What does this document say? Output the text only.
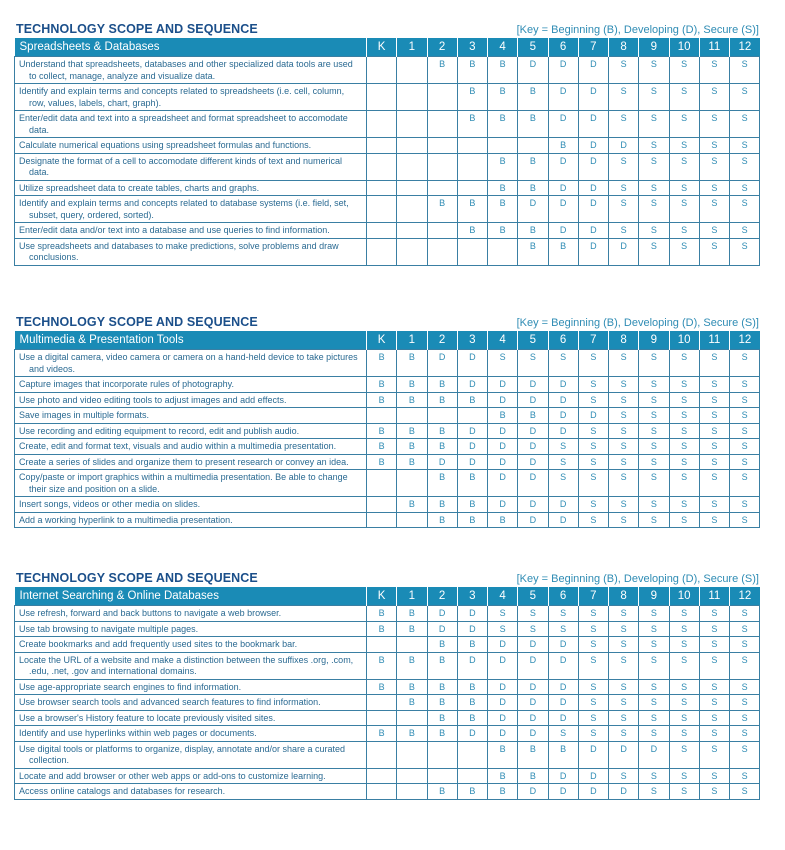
TECHNOLOGY SCOPE AND SEQUENCE	[Key = Beginning (B), Developing (D), Secure (S)]
Spreadsheets & Databases	K	1	2	3	4	5	6	7	8	9	10	11	12

Understand that spreadsheets, databases and other specialized data tools are used to collect, manage, analyze and visualize data.			B	B	B	D	D	D	S	S	S	S	S

Identify and explain terms and concepts related to spreadsheets (i.e. cell, column, row, values, labels, chart, graph).				B	B	B	D	D	S	S	S	S	S

Enter/edit data and text into a spreadsheet and format spreadsheet to accomodate data.				B	B	B	D	D	S	S	S	S	S

Calculate numerical equations using spreadsheet formulas and functions.							B	D	D	S	S	S	S

Designate the format of a cell to accomodate different kinds of text and numerical data.					B	B	D	D	S	S	S	S	S

Utilize spreadsheet data to create tables, charts and graphs.					B	B	D	D	S	S	S	S	S

Identify and explain terms and concepts related to database systems (i.e. field, set, subset, query, ordered, sorted).			B	B	B	D	D	D	S	S	S	S	S

Enter/edit data and/or text into a database and use queries to find information.				B	B	B	D	D	S	S	S	S	S

Use spreadsheets and databases to make predictions, solve problems and draw conclusions.						B	B	D	D	S	S	S	S
TECHNOLOGY SCOPE AND SEQUENCE	[Key = Beginning (B), Developing (D), Secure (S)]
Multimedia & Presentation Tools	K	1	2	3	4	5	6	7	8	9	10	11	12

Use a digital camera, video camera or camera on a hand-held device to take pictures and videos.	B	B	D	D	S	S	S	S	S	S	S	S	S

Capture images that incorporate rules of photography.	B	B	B	D	D	D	D	S	S	S	S	S	S

Use photo and video editing tools to adjust images and add effects.	B	B	B	B	D	D	D	S	S	S	S	S	S

Save images in multiple formats.					B	B	D	D	S	S	S	S	S

Use recording and editing equipment to record, edit and publish audio.	B	B	B	D	D	D	D	S	S	S	S	S	S

Create, edit and format text, visuals and audio within a multimedia presentation.	B	B	B	D	D	D	S	S	S	S	S	S	S

Create a series of slides and organize them to present research or convey an idea.	B	B	D	D	D	D	S	S	S	S	S	S	S

Copy/paste or import graphics within a multimedia presentation. Be able to change their size and position on a slide.			B	B	D	D	S	S	S	S	S	S	S

Insert songs, videos or other media on slides.		B	B	B	D	D	D	S	S	S	S	S	S

Add a working hyperlink to a multimedia presentation.			B	B	B	D	D	S	S	S	S	S	S
TECHNOLOGY SCOPE AND SEQUENCE	[Key = Beginning (B), Developing (D), Secure (S)]
Internet Searching & Online Databases	K	1	2	3	4	5	6	7	8	9	10	11	12

Use refresh, forward and back buttons to navigate a web browser.	B	B	D	D	S	S	S	S	S	S	S	S	S

Use tab browsing to navigate multiple pages.	B	B	D	D	S	S	S	S	S	S	S	S	S

Create bookmarks and add frequently used sites to the bookmark bar.			B	B	D	D	D	S	S	S	S	S	S

Locate the URL of a website and make a distinction between the suffixes .org, .com, .edu, .net, .gov and international domains.	B	B	B	D	D	D	D	S	S	S	S	S	S

Use age-appropriate search engines to find information.	B	B	B	B	D	D	D	S	S	S	S	S	S

Use browser search tools and advanced search features to find information.		B	B	B	D	D	D	S	S	S	S	S	S

Use a browser's History feature to locate previously visited sites.			B	B	D	D	D	S	S	S	S	S	S

Identify and use hyperlinks within web pages or documents.	B	B	B	D	D	D	S	S	S	S	S	S	S

Use digital tools or platforms to organize, display, annotate and/or share a curated collection.					B	B	B	D	D	D	S	S	S

Locate and add browser or other web apps or add-ons to customize learning.					B	B	D	D	S	S	S	S	S

Access online catalogs and databases for research.			B	B	B	D	D	D	D	S	S	S	S
